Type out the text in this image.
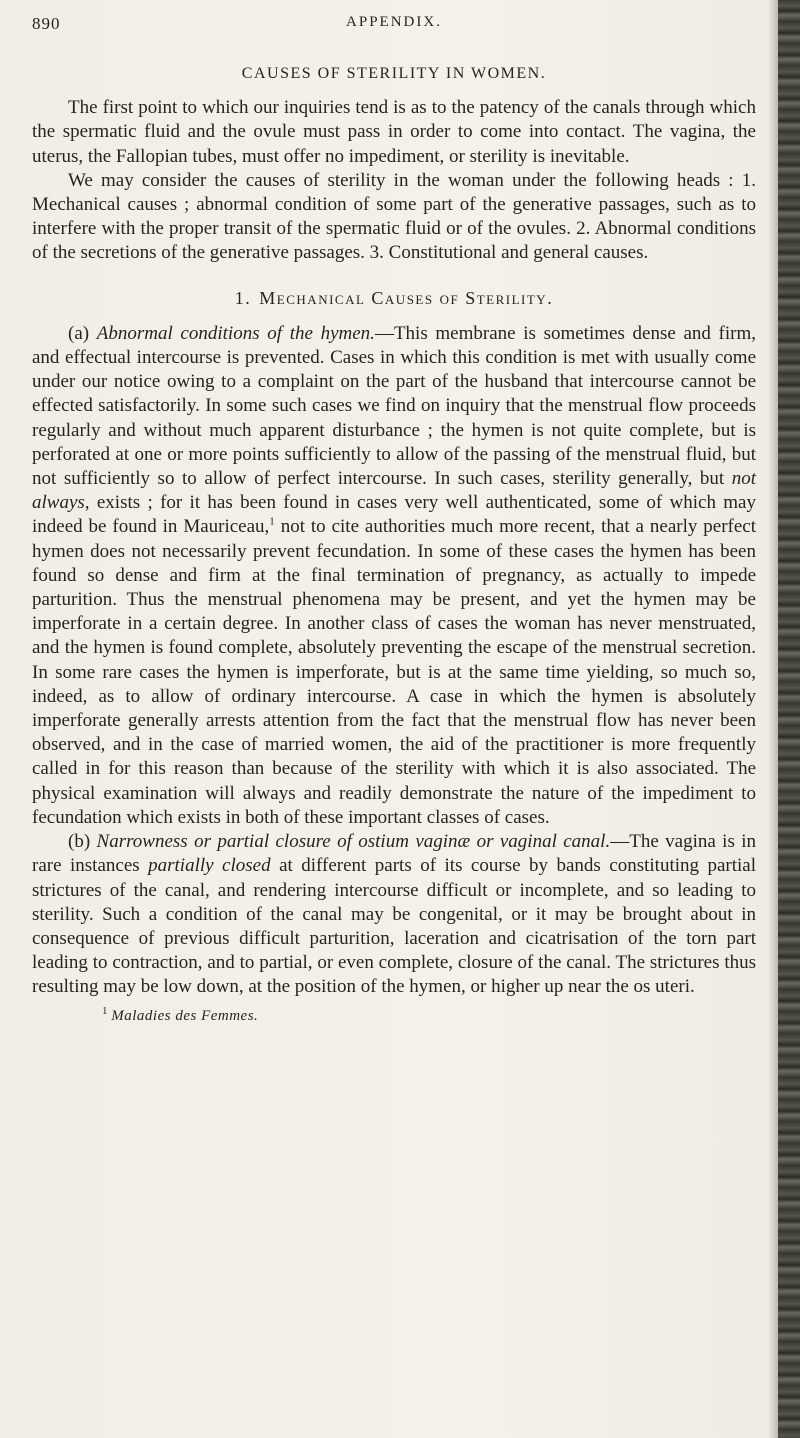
890	APPENDIX.
CAUSES OF STERILITY IN WOMEN.

The first point to which our inquiries tend is as to the patency of the canals through which the spermatic fluid and the ovule must pass in order to come into contact. The vagina, the uterus, the Fallopian tubes, must offer no impediment, or sterility is inevitable.

We may consider the causes of sterility in the woman under the following heads : 1. Mechanical causes ; abnormal condition of some part of the generative passages, such as to interfere with the proper transit of the spermatic fluid or of the ovules. 2. Abnormal conditions of the secretions of the generative passages. 3. Constitutional and general causes.

1. Mechanical Causes of Sterility.

(a) Abnormal conditions of the hymen.—This membrane is sometimes dense and firm, and effectual intercourse is prevented. Cases in which this condition is met with usually come under our notice owing to a complaint on the part of the husband that intercourse cannot be effected satisfactorily. In some such cases we find on inquiry that the menstrual flow proceeds regularly and without much apparent disturbance ; the hymen is not quite complete, but is perforated at one or more points sufficiently to allow of the passing of the menstrual fluid, but not sufficiently so to allow of perfect intercourse. In such cases, sterility generally, but not always, exists ; for it has been found in cases very well authenticated, some of which may indeed be found in Mauriceau,$^1$ not to cite authorities much more recent, that a nearly perfect hymen does not necessarily prevent fecundation. In some of these cases the hymen has been found so dense and firm at the final termination of pregnancy, as actually to impede parturition. Thus the menstrual phenomena may be present, and yet the hymen may be imperforate in a certain degree. In another class of cases the woman has never menstruated, and the hymen is found complete, absolutely preventing the escape of the menstrual secretion. In some rare cases the hymen is imperforate, but is at the same time yielding, so much so, indeed, as to allow of ordinary intercourse. A case in which the hymen is absolutely imperforate generally arrests attention from the fact that the menstrual flow has never been observed, and in the case of married women, the aid of the practitioner is more frequently called in for this reason than because of the sterility with which it is also associated. The physical examination will always and readily demonstrate the nature of the impediment to fecundation which exists in both of these important classes of cases.

(b) Narrowness or partial closure of ostium vaginæ or vaginal canal.—The vagina is in rare instances partially closed at different parts of its course by bands constituting partial strictures of the canal, and rendering intercourse difficult or incomplete, and so leading to sterility. Such a condition of the canal may be congenital, or it may be brought about in consequence of previous difficult parturition, laceration and cicatrisation of the torn part leading to contraction, and to partial, or even complete, closure of the canal. The strictures thus resulting may be low down, at the position of the hymen, or higher up near the os uteri.

$^1$ Maladies des Femmes.
